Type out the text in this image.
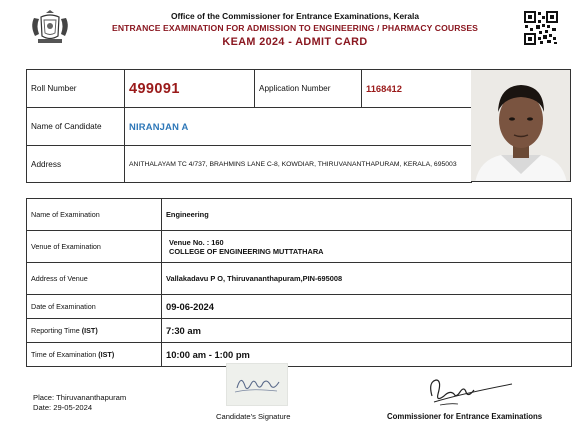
Office of the Commissioner for Entrance Examinations, Kerala
ENTRANCE EXAMINATION FOR ADMISSION TO ENGINEERING / PHARMACY COURSES
KEAM 2024 - ADMIT CARD
Roll Number	499091	Application Number	1168412
Name of Candidate	NIRANJAN A		
Address	ANITHALAYAM TC 4/737, BRAHMINS LANE C-8, KOWDIAR, THIRUVANANTHAPURAM, KERALA, 695003		
Name of Examination	Engineering
Venue of Examination	Venue No. : 160
COLLEGE OF ENGINEERING MUTTATHARA

Address of Venue	Vallakadavu P O, Thiruvananthapuram,PIN-695008
Date of Examination	09-06-2024
Reporting Time (IST)	7:30 am
Time of Examination (IST)	10:00 am - 1:00 pm
Place: Thiruvananthapuram
Date: 29-05-2024
Candidate's Signature	Commissioner for Entrance Examinations
